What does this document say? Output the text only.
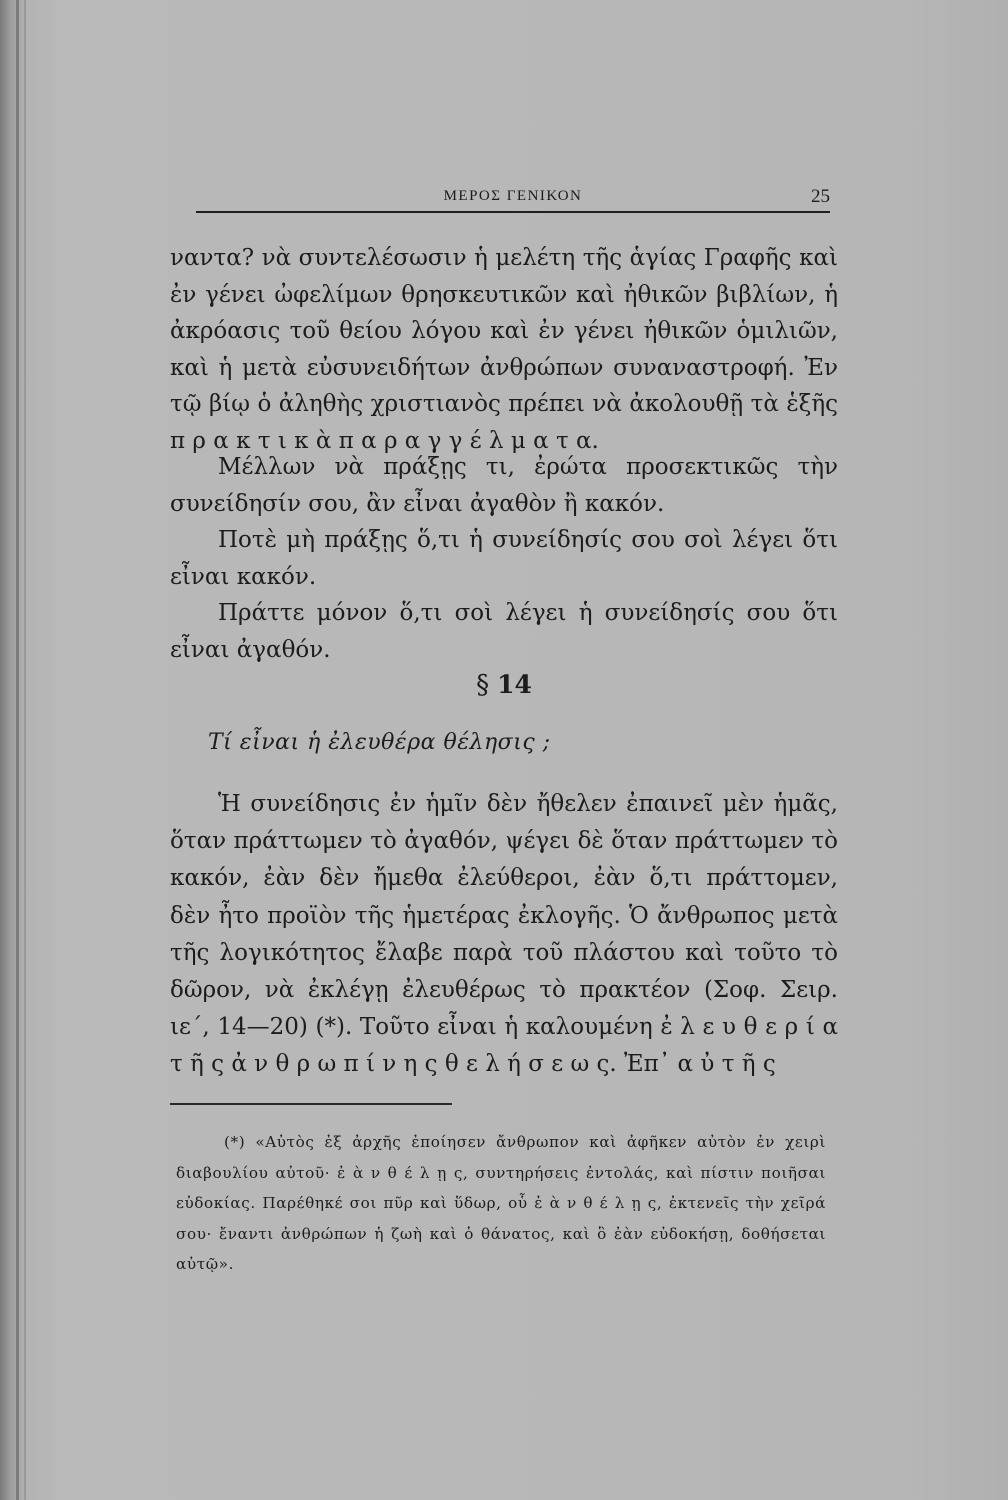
ΜΕΡΟΣ ΓΕΝΙΚΟΝ	25

ναντα? νὰ συντελέσωσιν ἡ μελέτη τῆς ἁγίας Γραφῆς καὶ ἐν γένει ὠφελίμων θρησκευτικῶν καὶ ἠθικῶν βιβλίων, ἡ ἀκρόασις τοῦ θείου λόγου καὶ ἐν γένει ἠθικῶν ὁμιλιῶν, καὶ ἡ μετὰ εὐσυνειδήτων ἀνθρώπων συναναστροφή. Ἐν τῷ βίῳ ὁ ἀληθὴς χριστιανὸς πρέπει νὰ ἀκολουθῇ τὰ ἑξῆς π ρ α κ τ ι κ ὰ π α ρ α γ γ έ λ μ α τ α.

Μέλλων νὰ πράξῃς τι, ἐρώτα προσεκτικῶς τὴν συνείδησίν σου, ἂν εἶναι ἀγαθὸν ἢ κακόν.

Ποτὲ μὴ πράξῃς ὅ,τι ἡ συνείδησίς σου σοὶ λέγει ὅτι εἶναι κακόν.

Πράττε μόνον ὅ,τι σοὶ λέγει ἡ συνείδησίς σου ὅτι εἶναι ἀγαθόν.

§ 14
Τί εἶναι ἡ ἐλευθέρα θέλησις ;

Ἡ συνείδησις ἐν ἡμῖν δὲν ἤθελεν ἐπαινεῖ μὲν ἡμᾶς, ὅταν πράττωμεν τὸ ἀγαθόν, ψέγει δὲ ὅταν πράττωμεν τὸ κακόν, ἐὰν δὲν ἤμεθα ἐλεύθεροι, ἐὰν ὅ,τι πράττομεν, δὲν ἦτο προϊὸν τῆς ἡμετέρας ἐκλογῆς. Ὁ ἄνθρωπος μετὰ τῆς λογικότητος ἔλαβε παρὰ τοῦ πλάστου καὶ τοῦτο τὸ δῶρον, νὰ ἐκλέγῃ ἐλευθέρως τὸ πρακτέον (Σοφ. Σειρ. ιε΄, 14—20) (*). Τοῦτο εἶναι ἡ καλουμένη ἐ λ ε υ θ ε ρ ί α τ ῆ ς ἀ ν θ ρ ω π ί ν η ς θ ε λ ή σ ε ω ς. Ἐπ᾿ α ὐ τ ῆ ς

(*) «Αὐτὸς ἐξ ἀρχῆς ἐποίησεν ἄνθρωπον καὶ ἀφῆκεν αὐτὸν ἐν χειρὶ διαβουλίου αὐτοῦ· ἐ ὰ ν θ έ λ ῃ ς, συντηρήσεις ἐντολάς, καὶ πίστιν ποιῆσαι εὐδοκίας. Παρέθηκέ σοι πῦρ καὶ ὕδωρ, οὗ ἐ ὰ ν θ έ λ ῃ ς, ἐκτενεῖς τὴν χεῖρά σου· ἔναντι ἀνθρώπων ἡ ζωὴ καὶ ὁ θάνατος, καὶ ὃ ἐὰν εὐδοκήσῃ, δοθήσεται αὐτῷ».
